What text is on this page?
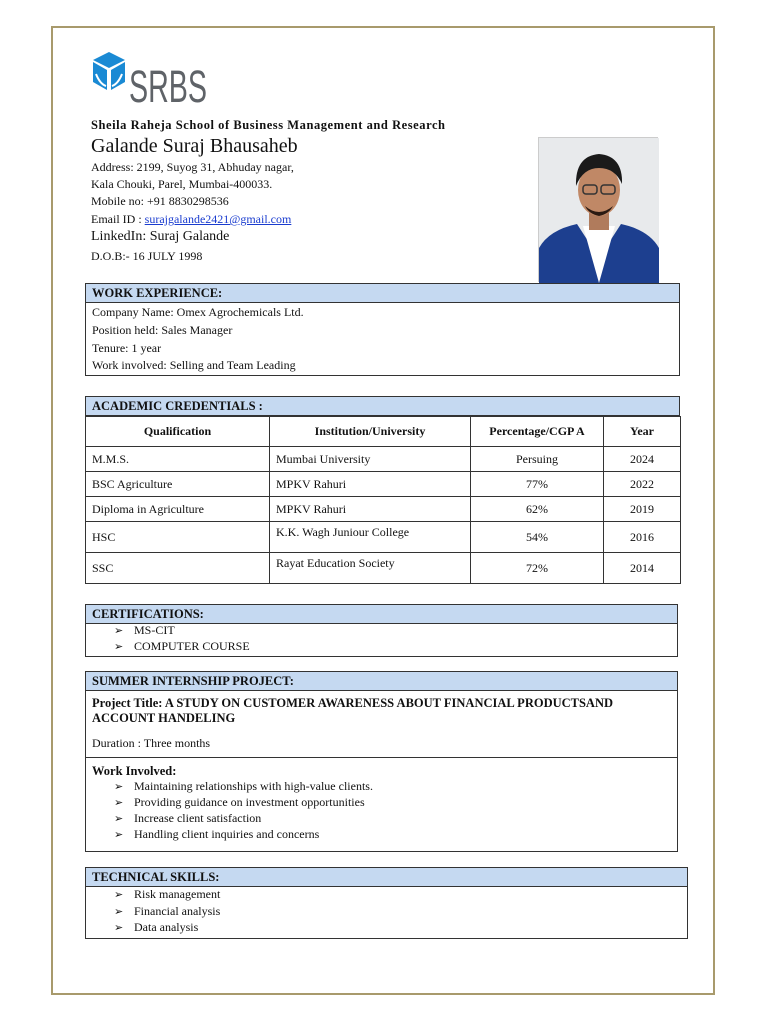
SRBS
Sheila Raheja School of Business Management and Research
Galande Suraj Bhausaheb
Address: 2199, Suyog 31, Abhuday nagar,
Kala Chouki, Parel, Mumbai-400033.
Mobile no: +91 8830298536
Email ID : surajgalande2421@gmail.com
LinkedIn: Suraj Galande
D.O.B:- 16 JULY 1998
WORK EXPERIENCE:
Company Name: Omex Agrochemicals Ltd.
Position held: Sales Manager
Tenure: 1 year
Work involved: Selling and Team Leading
ACADEMIC CREDENTIALS :
Qualification	Institution/University	Percentage/CGP A	Year
M.M.S.	Mumbai University	Persuing	2024
BSC Agriculture	MPKV Rahuri	77%	2022
Diploma in Agriculture	MPKV Rahuri	62%	2019
HSC	K.K. Wagh Juniour College	54%	2016
SSC	Rayat Education Society	72%	2014
CERTIFICATIONS:
➢ MS-CIT
➢ COMPUTER COURSE
SUMMER INTERNSHIP PROJECT:
Project Title: A STUDY ON CUSTOMER AWARENESS ABOUT FINANCIAL PRODUCTSAND ACCOUNT HANDELING
Duration : Three months
Work Involved:
➢ Maintaining relationships with high-value clients.
➢ Providing guidance on investment opportunities
➢ Increase client satisfaction
➢ Handling client inquiries and concerns
TECHNICAL SKILLS:
➢ Risk management
➢ Financial analysis
➢ Data analysis
